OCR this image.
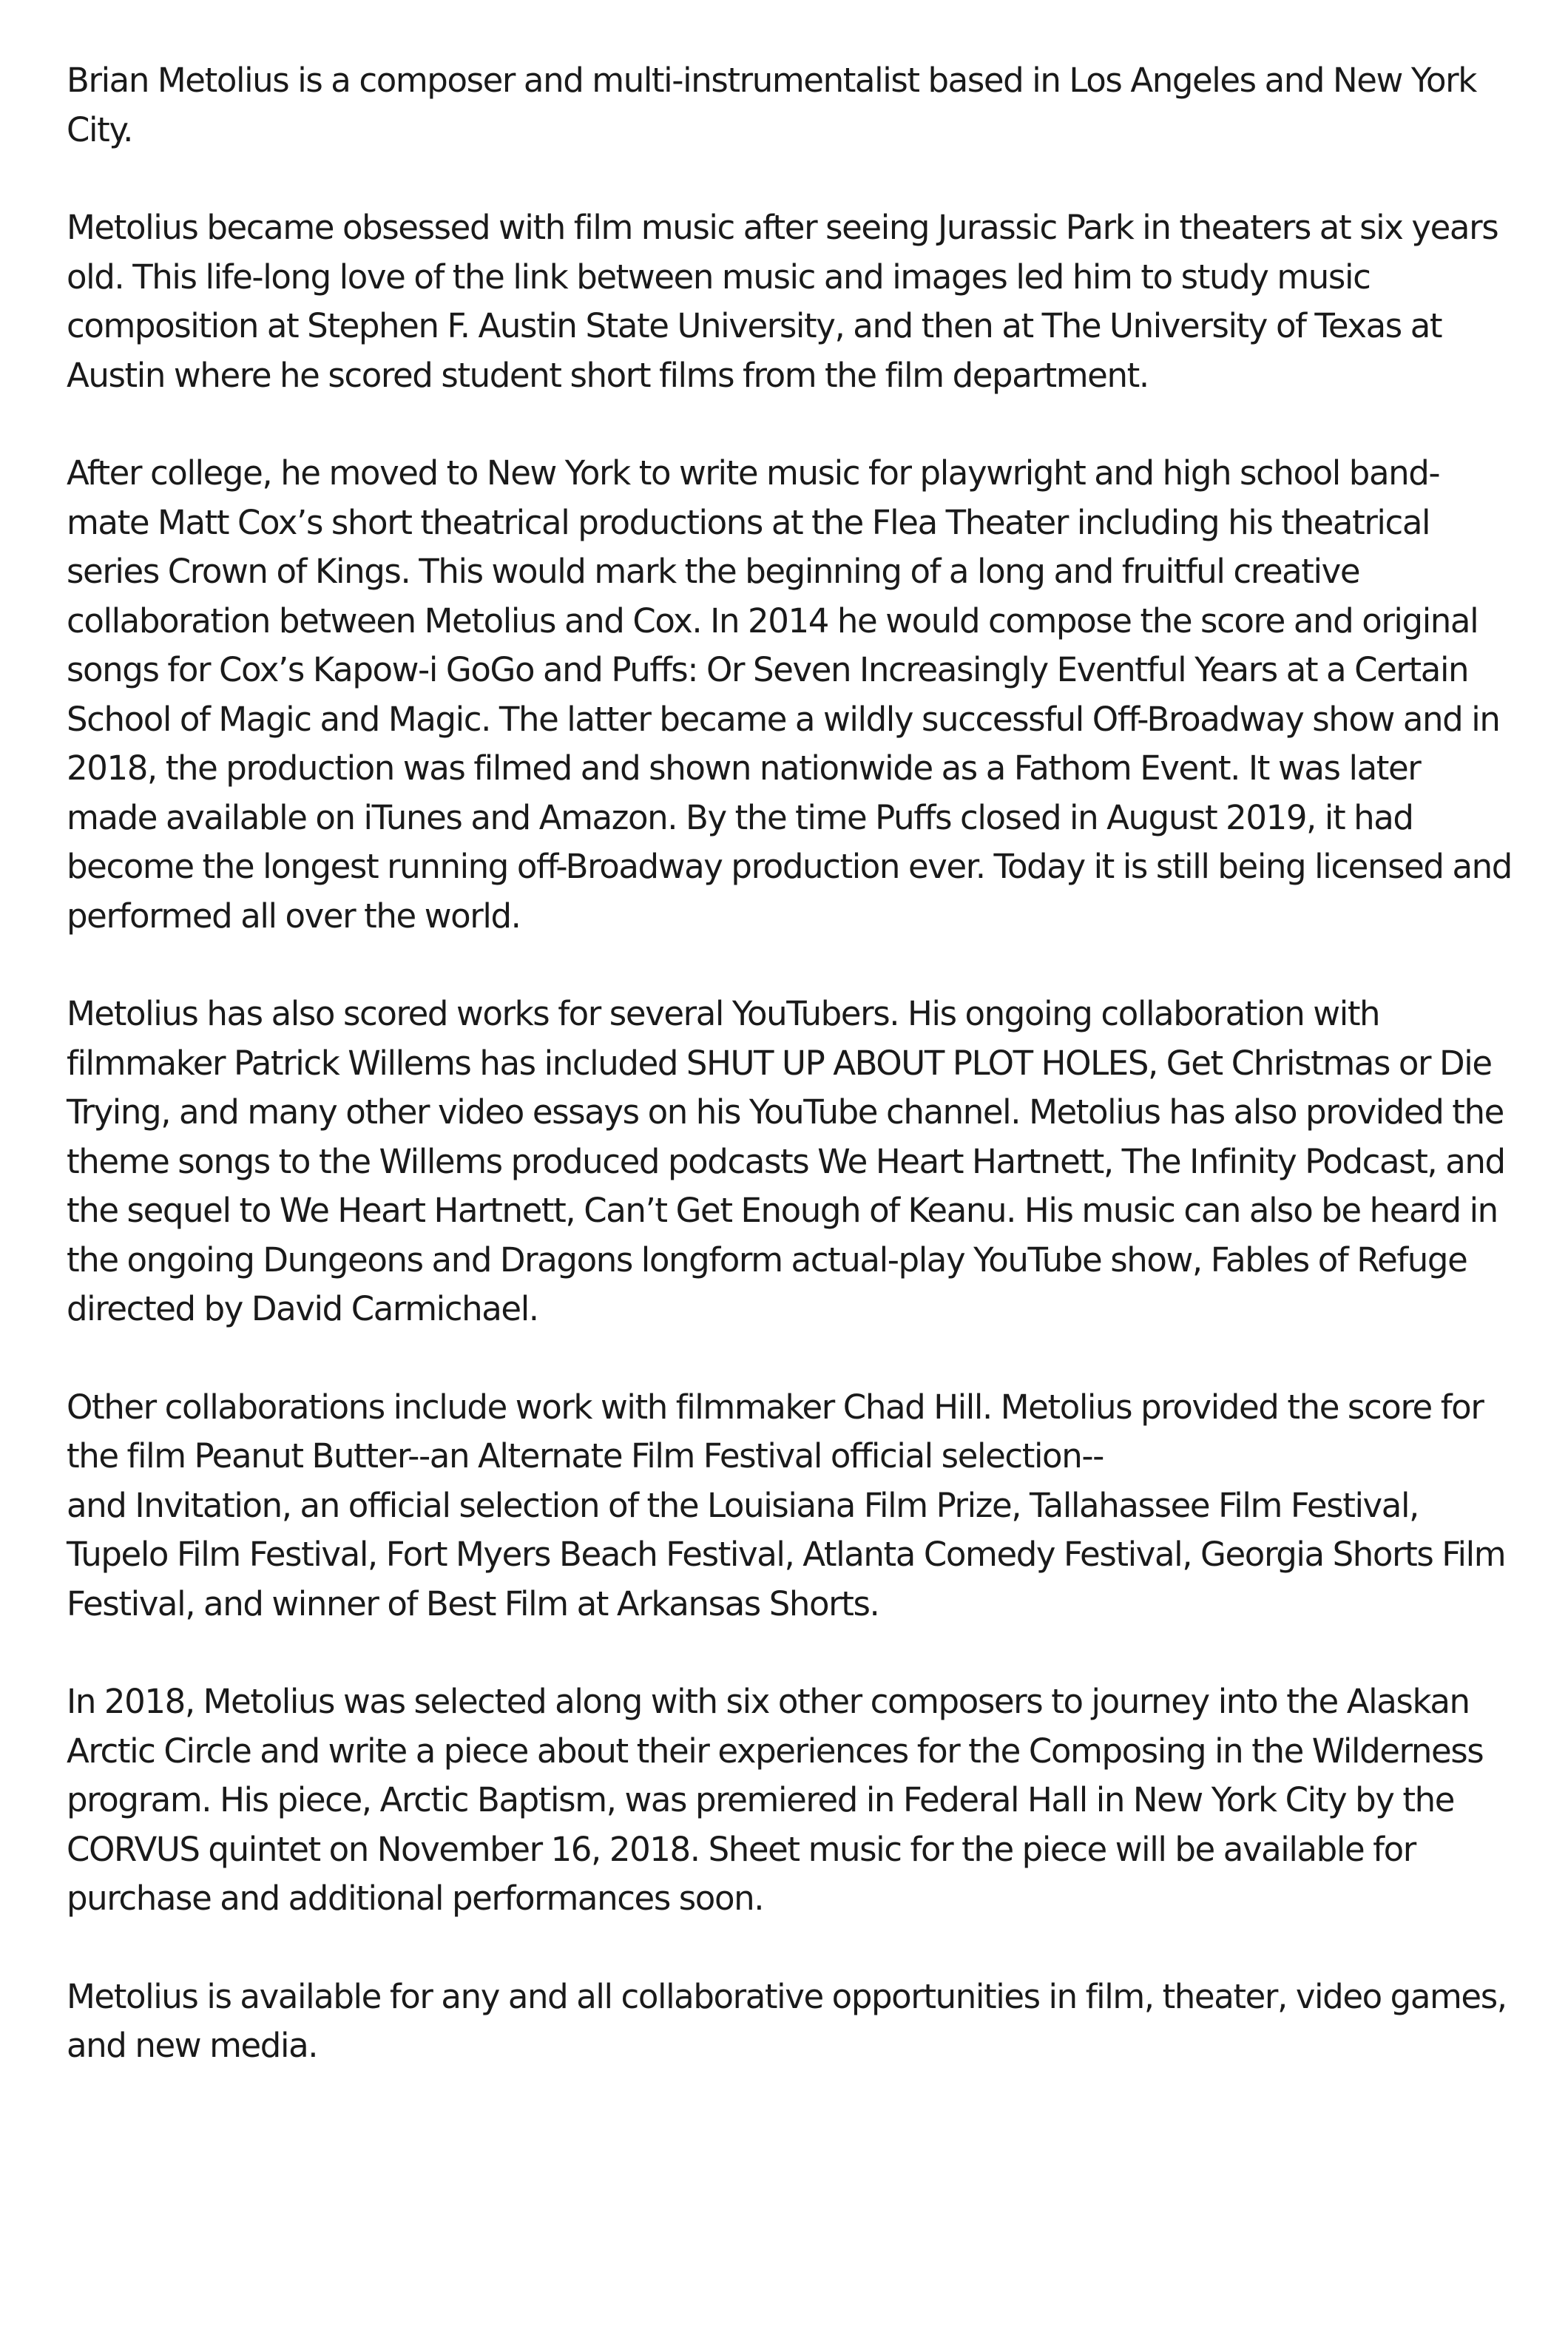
Brian Metolius is a composer and multi-instrumentalist based in Los Angeles and New York City.

Metolius became obsessed with film music after seeing Jurassic Park in theaters at six years old. This life-long love of the link between music and images led him to study music composition at Stephen F. Austin State University, and then at The University of Texas at Austin where he scored student short films from the film department.

After college, he moved to New York to write music for playwright and high school band-mate Matt Cox’s short theatrical productions at the Flea Theater including his theatrical series Crown of Kings. This would mark the beginning of a long and fruitful creative collaboration between Metolius and Cox. In 2014 he would compose the score and original songs for Cox’s Kapow-i GoGo and Puffs: Or Seven Increasingly Eventful Years at a Certain School of Magic and Magic. The latter became a wildly successful Off-Broadway show and in 2018, the production was filmed and shown nationwide as a Fathom Event. It was later made available on iTunes and Amazon. By the time Puffs closed in August 2019, it had become the longest running off-Broadway production ever. Today it is still being licensed and performed all over the world.

Metolius has also scored works for several YouTubers. His ongoing collaboration with filmmaker Patrick Willems has included SHUT UP ABOUT PLOT HOLES, Get Christmas or Die Trying, and many other video essays on his YouTube channel. Metolius has also provided the theme songs to the Willems produced podcasts We Heart Hartnett, The Infinity Podcast, and the sequel to We Heart Hartnett, Can’t Get Enough of Keanu. His music can also be heard in the ongoing Dungeons and Dragons longform actual-play YouTube show, Fables of Refuge directed by David Carmichael.

Other collaborations include work with filmmaker Chad Hill. Metolius provided the score for the film Peanut Butter--an Alternate Film Festival official selection--

and Invitation, an official selection of the Louisiana Film Prize, Tallahassee Film Festival, Tupelo Film Festival, Fort Myers Beach Festival, Atlanta Comedy Festival, Georgia Shorts Film Festival, and winner of Best Film at Arkansas Shorts.

In 2018, Metolius was selected along with six other composers to journey into the Alaskan Arctic Circle and write a piece about their experiences for the Composing in the Wilderness program. His piece, Arctic Baptism, was premiered in Federal Hall in New York City by the CORVUS quintet on November 16, 2018. Sheet music for the piece will be available for purchase and additional performances soon.

Metolius is available for any and all collaborative opportunities in film, theater, video games, and new media.
